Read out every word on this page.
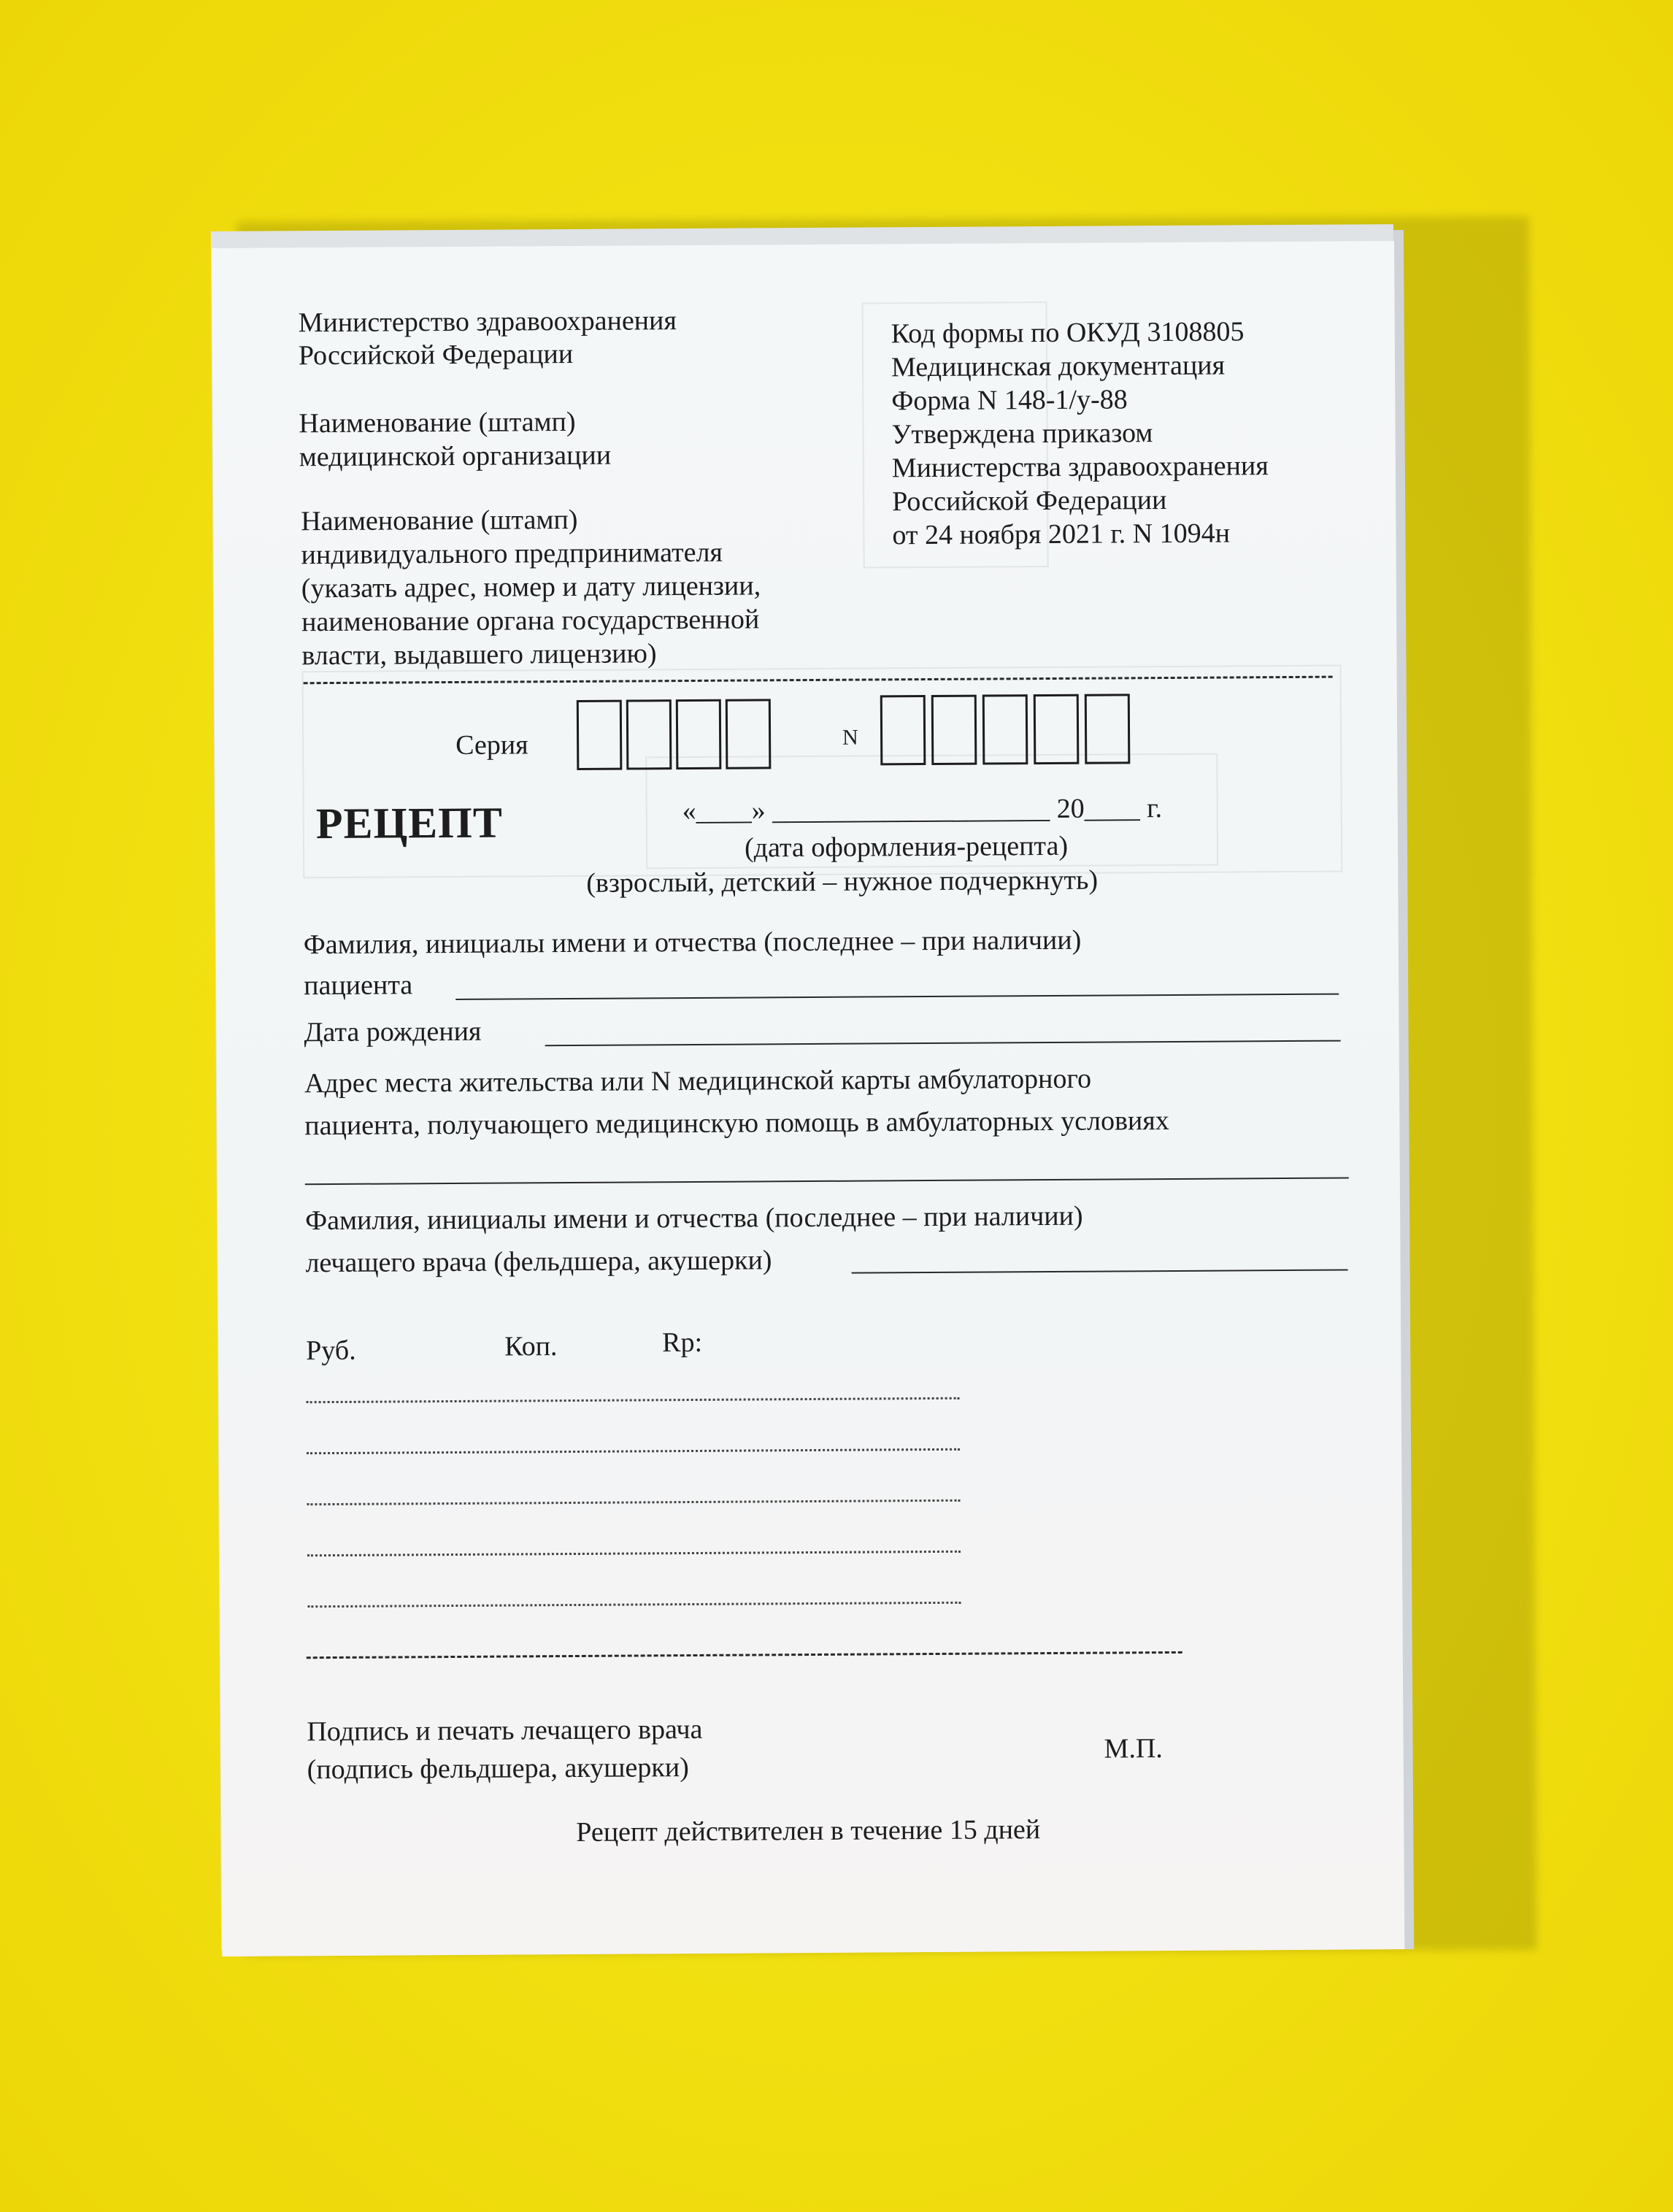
Министерство здравоохранения
Российской Федерации
Наименование (штамп)
медицинской организации
Наименование (штамп)
индивидуального предпринимателя
(указать адрес, номер и дату лицензии,
наименование органа государственной
власти, выдавшего лицензию)
Код формы по ОКУД 3108805
Медицинская документация
Форма N 148-1/у-88
Утверждена приказом
Министерства здравоохранения
Российской Федерации
от 24 ноября 2021 г. N 1094н
Серия	N
РЕЦЕПТ	«____» ____________________ 20____ г.
(дата оформления-рецепта)
(взрослый, детский – нужное подчеркнуть)
Фамилия, инициалы имени и отчества (последнее – при наличии)
пациента
Дата рождения
Адрес места жительства или N медицинской карты амбулаторного
пациента, получающего медицинскую помощь в амбулаторных условиях
Фамилия, инициалы имени и отчества (последнее – при наличии)
лечащего врача (фельдшера, акушерки)
Руб.	Коп.	Rp:
Подпись и печать лечащего врача
(подпись фельдшера, акушерки)
М.П.
Рецепт действителен в течение 15 дней
